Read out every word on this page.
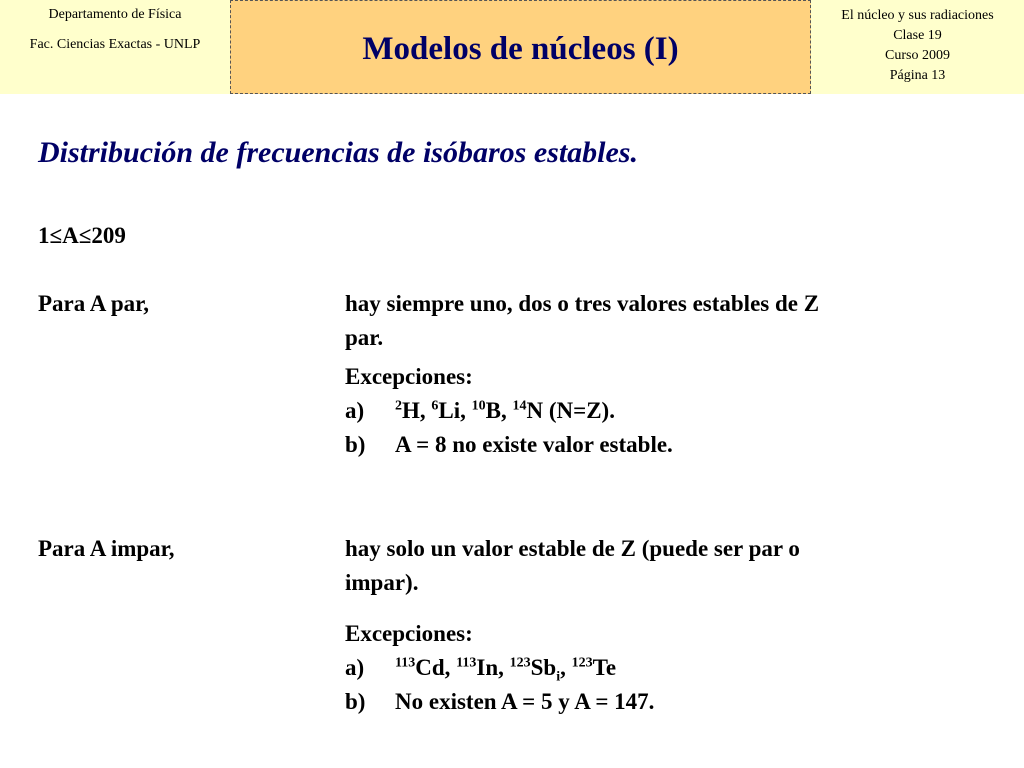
Departamento de Física
Fac. Ciencias Exactas - UNLP	Modelos de núcleos (I)
El núcleo y sus radiaciones
Clase 19
Curso 2009
Página 13
Distribución de frecuencias de isóbaros estables.
1≤A≤209
Para A par,	hay siempre uno, dos o tres valores estables de Z
par.
Excepciones:
a) $^2$H, $^6$Li, $^{10}$B, $^{14}$N (N=Z).
b) A = 8 no existe valor estable.
Para A impar,	hay solo un valor estable de Z (puede ser par o
impar).
Excepciones:
a) $^{113}$Cd, $^{113}$In, $^{123}Sb_i$, $^{123}$Te
b) No existen A = 5 y A = 147.
